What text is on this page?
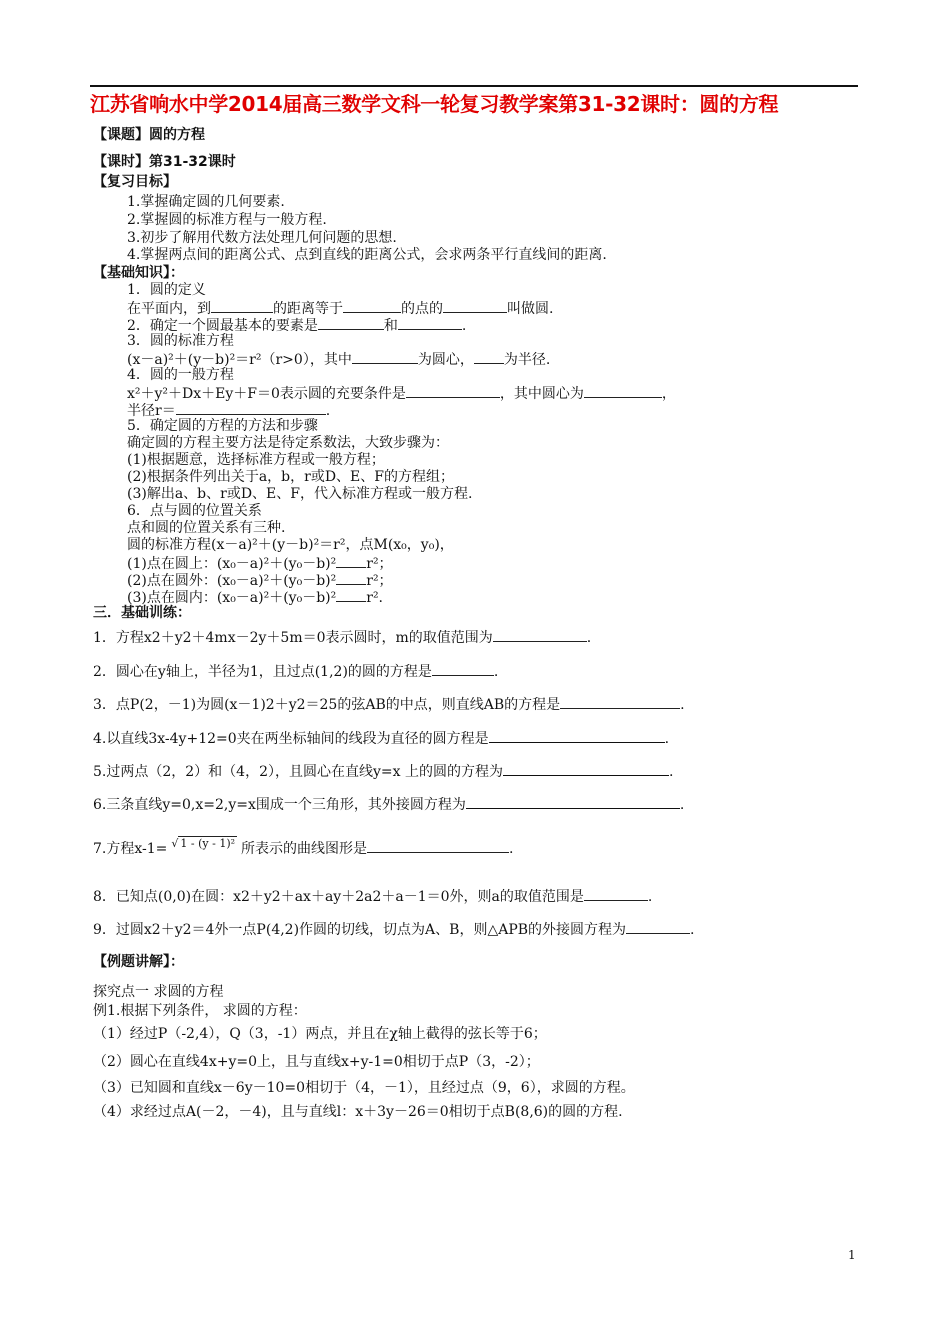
江苏省响水中学2014届高三数学文科一轮复习教学案第31-32课时：圆的方程
【课题】圆的方程
【课时】第31-32课时
【复习目标】
1.掌握确定圆的几何要素.
2.掌握圆的标准方程与一般方程.
3.初步了解用代数方法处理几何问题的思想.
4.掌握两点间的距离公式、点到直线的距离公式，会求两条平行直线间的距离.
【基础知识】：
1．圆的定义
在平面内，到	的距离等于	的点的	叫做圆.
2．确定一个圆最基本的要素是	和	.
3．圆的标准方程
(x－a)²＋(y－b)²＝r²（r>0），其中	为圆心， 为半径.
4．圆的一般方程
x²＋y²＋Dx＋Ey＋F＝0表示圆的充要条件是	，其中圆心为	，
半径r＝	.
5．确定圆的方程的方法和步骤
确定圆的方程主要方法是待定系数法，大致步骤为：
(1)根据题意，选择标准方程或一般方程；
(2)根据条件列出关于a，b，r或D、E、F的方程组；
(3)解出a、b、r或D、E、F，代入标准方程或一般方程.
6．点与圆的位置关系
点和圆的位置关系有三种.
圆的标准方程(x－a)²＋(y－b)²＝r²，点M(x₀，y₀)，
(1)点在圆上：(x₀－a)²＋(y₀－b)² r²；
(2)点在圆外：(x₀－a)²＋(y₀－b)² r²；
(3)点在圆内：(x₀－a)²＋(y₀－b)² r².
三．基础训练：
1．方程x2＋y2＋4mx－2y＋5m＝0表示圆时，m的取值范围为	.
2．圆心在y轴上，半径为1，且过点(1,2)的圆的方程是	.
3．点P(2，－1)为圆(x－1)2＋y2＝25的弦AB的中点，则直线AB的方程是	.
4.以直线3x-4y+12=0夹在两坐标轴间的线段为直径的圆方程是	.
5.过两点（2，2）和（4，2），且圆心在直线y=x 上的圆的方程为	.
6.三条直线y=0,x=2,y=x围成一个三角形，其外接圆方程为	.
7.方程x-1= √ 1 - (y - 1)² 所表示的曲线图形是	.
8．已知点(0,0)在圆：x2＋y2＋ax＋ay＋2a2＋a－1＝0外，则a的取值范围是	.
9．过圆x2＋y2＝4外一点P(4,2)作圆的切线，切点为A、B，则△APB的外接圆方程为	.
【例题讲解】：
探究点一 求圆的方程
例1.根据下列条件， 求圆的方程：
（1）经过P（-2,4），Q（3，-1）两点，并且在χ轴上截得的弦长等于6；
（2）圆心在直线4x+y=0上，且与直线x+y-1=0相切于点P（3，-2）；
（3）已知圆和直线x－6y－10=0相切于（4，－1），且经过点（9，6），求圆的方程。
（4）求经过点A(－2，－4)，且与直线l：x＋3y－26＝0相切于点B(8,6)的圆的方程.
1
